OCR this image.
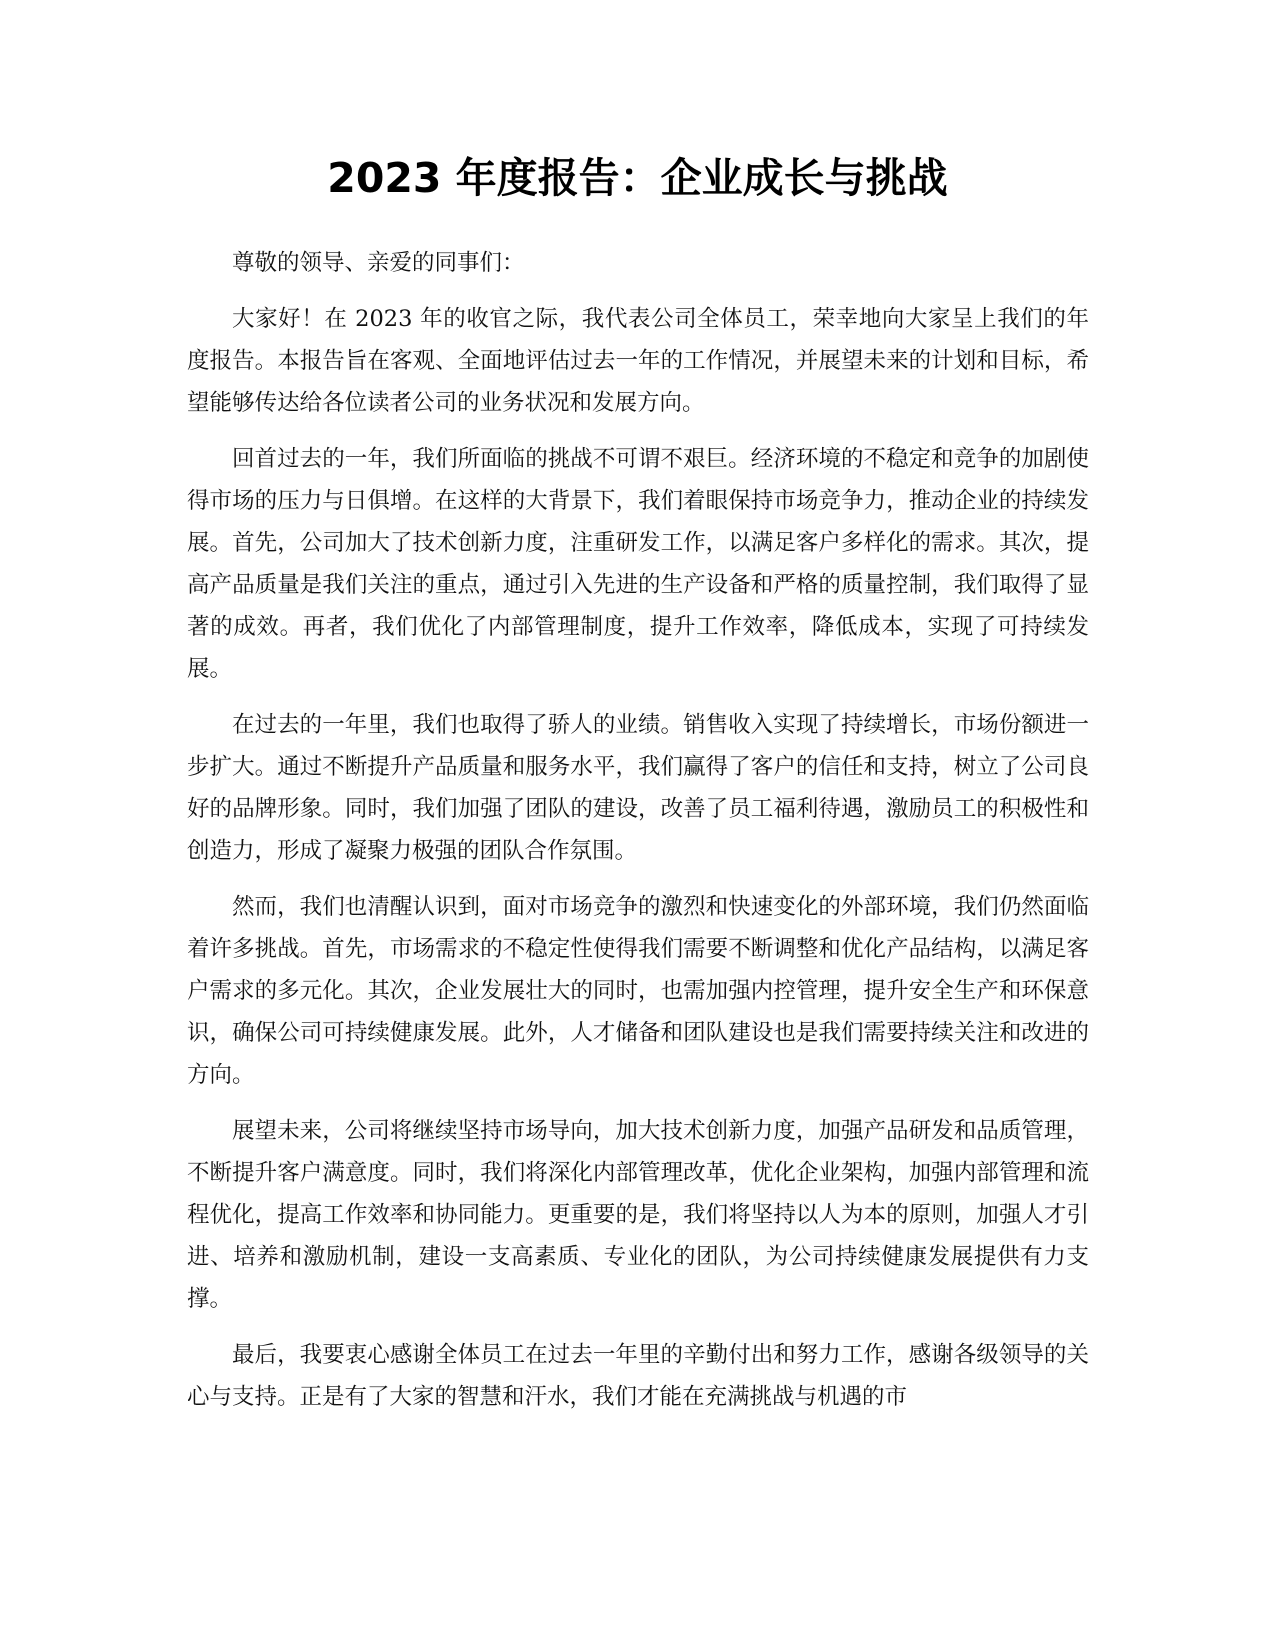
2023 年度报告：企业成长与挑战

尊敬的领导、亲爱的同事们：

大家好！在 2023 年的收官之际，我代表公司全体员工，荣幸地向大家呈上我们的年度报告。本报告旨在客观、全面地评估过去一年的工作情况，并展望未来的计划和目标，希望能够传达给各位读者公司的业务状况和发展方向。

回首过去的一年，我们所面临的挑战不可谓不艰巨。经济环境的不稳定和竞争的加剧使得市场的压力与日俱增。在这样的大背景下，我们着眼保持市场竞争力，推动企业的持续发展。首先，公司加大了技术创新力度，注重研发工作，以满足客户多样化的需求。其次，提高产品质量是我们关注的重点，通过引入先进的生产设备和严格的质量控制，我们取得了显著的成效。再者，我们优化了内部管理制度，提升工作效率，降低成本，实现了可持续发展。

在过去的一年里，我们也取得了骄人的业绩。销售收入实现了持续增长，市场份额进一步扩大。通过不断提升产品质量和服务水平，我们赢得了客户的信任和支持，树立了公司良好的品牌形象。同时，我们加强了团队的建设，改善了员工福利待遇，激励员工的积极性和创造力，形成了凝聚力极强的团队合作氛围。

然而，我们也清醒认识到，面对市场竞争的激烈和快速变化的外部环境，我们仍然面临着许多挑战。首先，市场需求的不稳定性使得我们需要不断调整和优化产品结构，以满足客户需求的多元化。其次，企业发展壮大的同时，也需加强内控管理，提升安全生产和环保意识，确保公司可持续健康发展。此外，人才储备和团队建设也是我们需要持续关注和改进的方向。

展望未来，公司将继续坚持市场导向，加大技术创新力度，加强产品研发和品质管理，不断提升客户满意度。同时，我们将深化内部管理改革，优化企业架构，加强内部管理和流程优化，提高工作效率和协同能力。更重要的是，我们将坚持以人为本的原则，加强人才引进、培养和激励机制，建设一支高素质、专业化的团队，为公司持续健康发展提供有力支撑。

最后，我要衷心感谢全体员工在过去一年里的辛勤付出和努力工作，感谢各级领导的关心与支持。正是有了大家的智慧和汗水，我们才能在充满挑战与机遇的市
